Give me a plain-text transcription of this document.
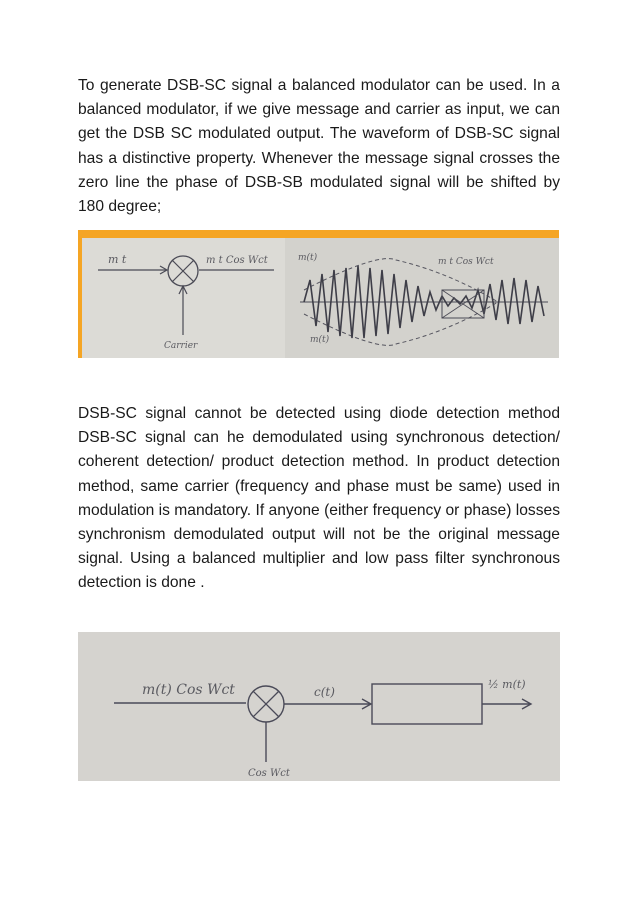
To generate DSB-SC signal a balanced modulator can be used. In a balanced modulator, if we give message and carrier as input, we can get the DSB SC modulated output. The waveform of DSB-SC signal has a distinctive property. Whenever the message signal crosses the zero line the phase of DSB-SB modulated signal will be shifted by 180 degree;

m t	m t Cos Wct
Carrier
m(t)	m t Cos Wct
m(t)

DSB-SC signal cannot be detected using diode detection method DSB-SC signal can he demodulated using synchronous detection/ coherent detection/ product detection method. In product detection method, same carrier (frequency and phase must be same) used in modulation is mandatory. If anyone (either frequency or phase) losses synchronism demodulated output will not be the original message signal. Using a balanced multiplier and low pass filter synchronous detection is done .

m(t) Cos Wct	c(t)
½ m(t)
Cos Wct
